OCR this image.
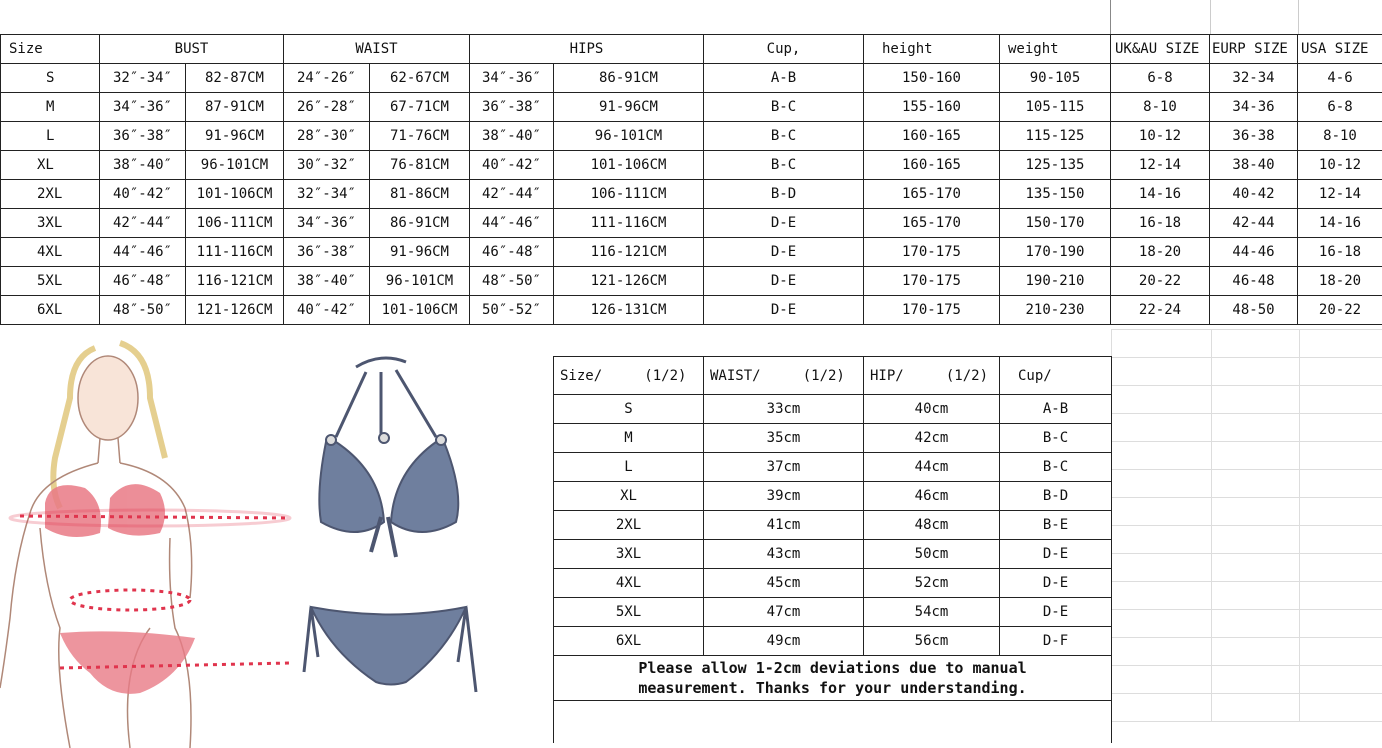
Size	BUST		WAIST		HIPS		Cup,	height	weight	UK&AU SIZE	EURP SIZE	USA SIZE
S	32″-34″	82-87CM	24″-26″	62-67CM	34″-36″	86-91CM	A-B	150-160	90-105	6-8	32-34	4-6
M	34″-36″	87-91CM	26″-28″	67-71CM	36″-38″	91-96CM	B-C	155-160	105-115	8-10	34-36	6-8
L	36″-38″	91-96CM	28″-30″	71-76CM	38″-40″	96-101CM	B-C	160-165	115-125	10-12	36-38	8-10
XL	38″-40″	96-101CM	30″-32″	76-81CM	40″-42″	101-106CM	B-C	160-165	125-135	12-14	38-40	10-12
2XL	40″-42″	101-106CM	32″-34″	81-86CM	42″-44″	106-111CM	B-D	165-170	135-150	14-16	40-42	12-14
3XL	42″-44″	106-111CM	34″-36″	86-91CM	44″-46″	111-116CM	D-E	165-170	150-170	16-18	42-44	14-16
4XL	44″-46″	111-116CM	36″-38″	91-96CM	46″-48″	116-121CM	D-E	170-175	170-190	18-20	44-46	16-18
5XL	46″-48″	116-121CM	38″-40″	96-101CM	48″-50″	121-126CM	D-E	170-175	190-210	20-22	46-48	18-20
6XL	48″-50″	121-126CM	40″-42″	101-106CM	50″-52″	126-131CM	D-E	170-175	210-230	22-24	48-50	20-22
Size/     (1/2)	WAIST/     (1/2)	HIP/     (1/2)	Cup/
S	33cm	40cm	A-B
M	35cm	42cm	B-C
L	37cm	44cm	B-C
XL	39cm	46cm	B-D
2XL	41cm	48cm	B-E
3XL	43cm	50cm	D-E
4XL	45cm	52cm	D-E
5XL	47cm	54cm	D-E
6XL	49cm	56cm	D-F
Please allow 1-2cm deviations due to manual measurement. Thanks for your understanding.			
